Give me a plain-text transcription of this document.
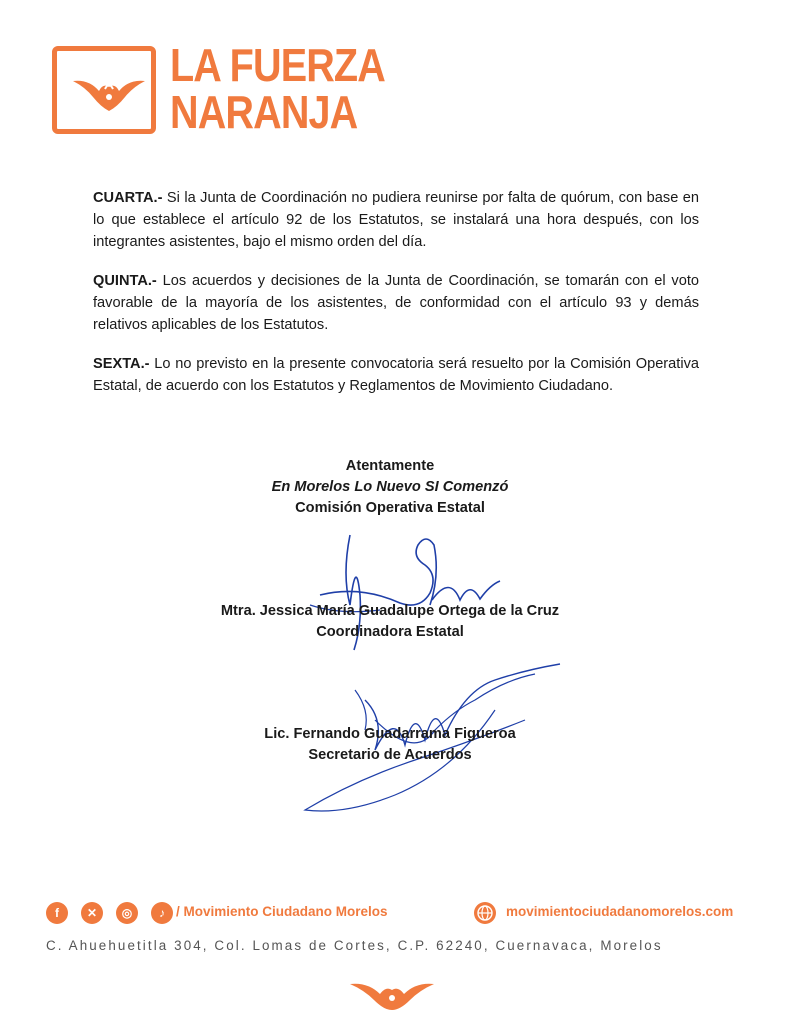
LA FUERZA
NARANJA

CUARTA.- Si la Junta de Coordinación no pudiera reunirse por falta de quórum, con base en lo que establece el artículo 92 de los Estatutos, se instalará una hora después, con los integrantes asistentes, bajo el mismo orden del día.

QUINTA.- Los acuerdos y decisiones de la Junta de Coordinación, se tomarán con el voto favorable de la mayoría de los asistentes, de conformidad con el artículo 93 y demás relativos aplicables de los Estatutos.

SEXTA.- Lo no previsto en la presente convocatoria será resuelto por la Comisión Operativa Estatal, de acuerdo con los Estatutos y Reglamentos de Movimiento Ciudadano.

Atentamente
En Morelos Lo Nuevo SI Comenzó
Comisión Operativa Estatal
Mtra. Jessica María Guadalupe Ortega de la Cruz
Coordinadora Estatal
Lic. Fernando Guadarrama Figueroa
Secretario de Acuerdos
f	✕	◎	♪ / Movimiento Ciudadano Morelos	movimientociudadanomorelos.com
C. Ahuehuetitla 304, Col. Lomas de Cortes, C.P. 62240, Cuernavaca, Morelos
